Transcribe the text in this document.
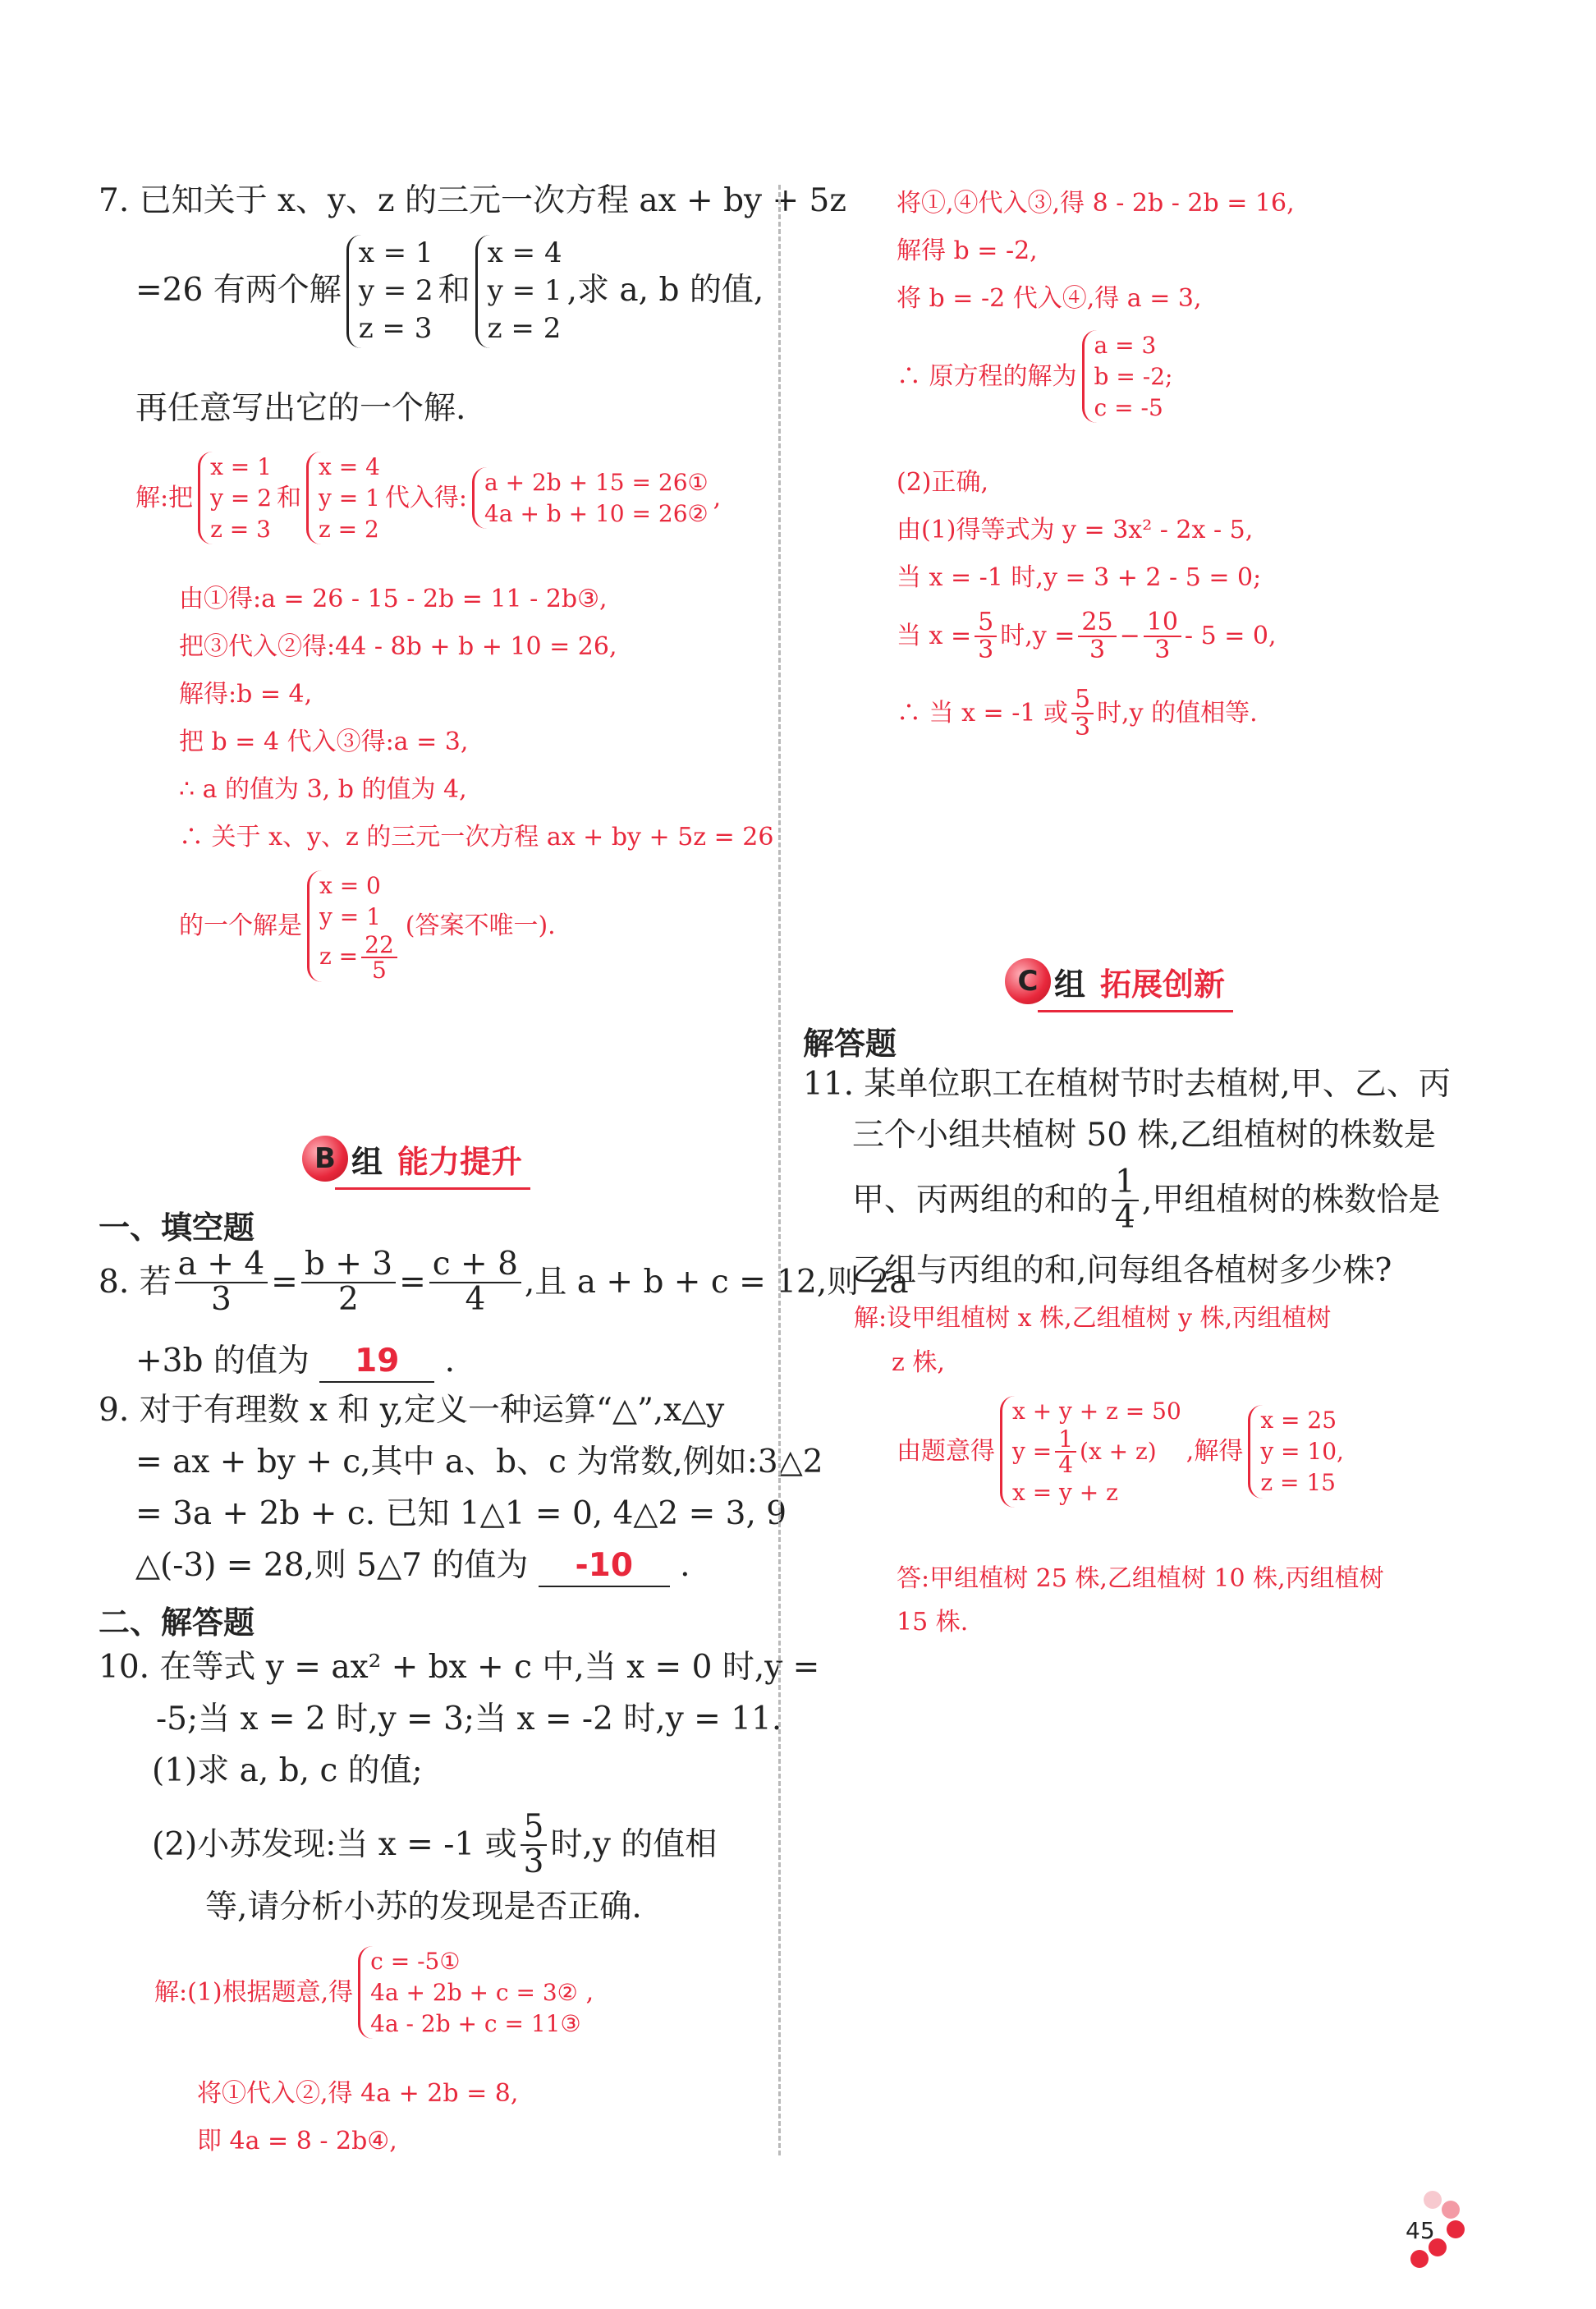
7. 已知关于 x、y、z 的三元一次方程 ax + by + 5z
=26 有两个解
x = 1
y = 2
z = 3
和
x = 4
y = 1
z = 2
,求 a, b 的值,
再任意写出它的一个解.
解:把
x = 1
y = 2
z = 3
和
x = 4
y = 1
z = 2
代入得:
a + 2b + 15 = 26①
4a + b + 10 = 26②
,
由①得:a = 26 - 15 - 2b = 11 - 2b③,
把③代入②得:44 - 8b + b + 10 = 26,
解得:b = 4,
把 b = 4 代入③得:a = 3,
∴ a 的值为 3, b 的值为 4,
∴ 关于 x、y、z 的三元一次方程 ax + by + 5z = 26
的一个解是
x = 0
y = 1
$z = \frac{22}{5}$
(答案不唯一).
B 组 能力提升
一、填空题
8. 若 $\frac{a + 4}{3} = \frac{b + 3}{2} = \frac{c + 8}{4}$ ,且 a + b + c = 12,则 2a
+3b 的值为 19 .
9. 对于有理数 x 和 y,定义一种运算“△”,x△y
= ax + by + c,其中 a、b、c 为常数,例如:3△2
= 3a + 2b + c. 已知 1△1 = 0, 4△2 = 3, 9
△(-3) = 28,则 5△7 的值为 -10 .
二、解答题
10. 在等式 y = ax² + bx + c 中,当 x = 0 时,y =
-5;当 x = 2 时,y = 3;当 x = -2 时,y = 11.
(1)求 a, b, c 的值;
(2)小苏发现:当 x = -1 或 $\frac{5}{3}$ 时,y 的值相
等,请分析小苏的发现是否正确.
解:(1)根据题意,得
c = -5①
4a + 2b + c = 3②
4a - 2b + c = 11③
,
将①代入②,得 4a + 2b = 8,
即 4a = 8 - 2b④,
将①,④代入③,得 8 - 2b - 2b = 16,
解得 b = -2,
将 b = -2 代入④,得 a = 3,
∴ 原方程的解为
a = 3
b = -2;
c = -5
(2)正确,
由(1)得等式为 y = 3x² - 2x - 5,
当 x = -1 时,y = 3 + 2 - 5 = 0;
当 $x = \frac{5}{3}$ 时$,y = \frac{25}{3} - \frac{10}{3} - 5 = 0$,
∴ 当 x = -1 或 $\frac{5}{3}$ 时,y 的值相等.
C 组 拓展创新
解答题
11. 某单位职工在植树节时去植树,甲、乙、丙
三个小组共植树 50 株,乙组植树的株数是
甲、丙两组的和的 $\frac{1}{4}$ ,甲组植树的株数恰是
乙组与丙组的和,问每组各植树多少株?
解:设甲组植树 x 株,乙组植树 y 株,丙组植树
z 株,
由题意得
x + y + z = 50
$y = \frac{1}{4} (x + z)$
x = y + z
,解得
x = 25
y = 10,
z = 15
答:甲组植树 25 株,乙组植树 10 株,丙组植树
15 株.
45
